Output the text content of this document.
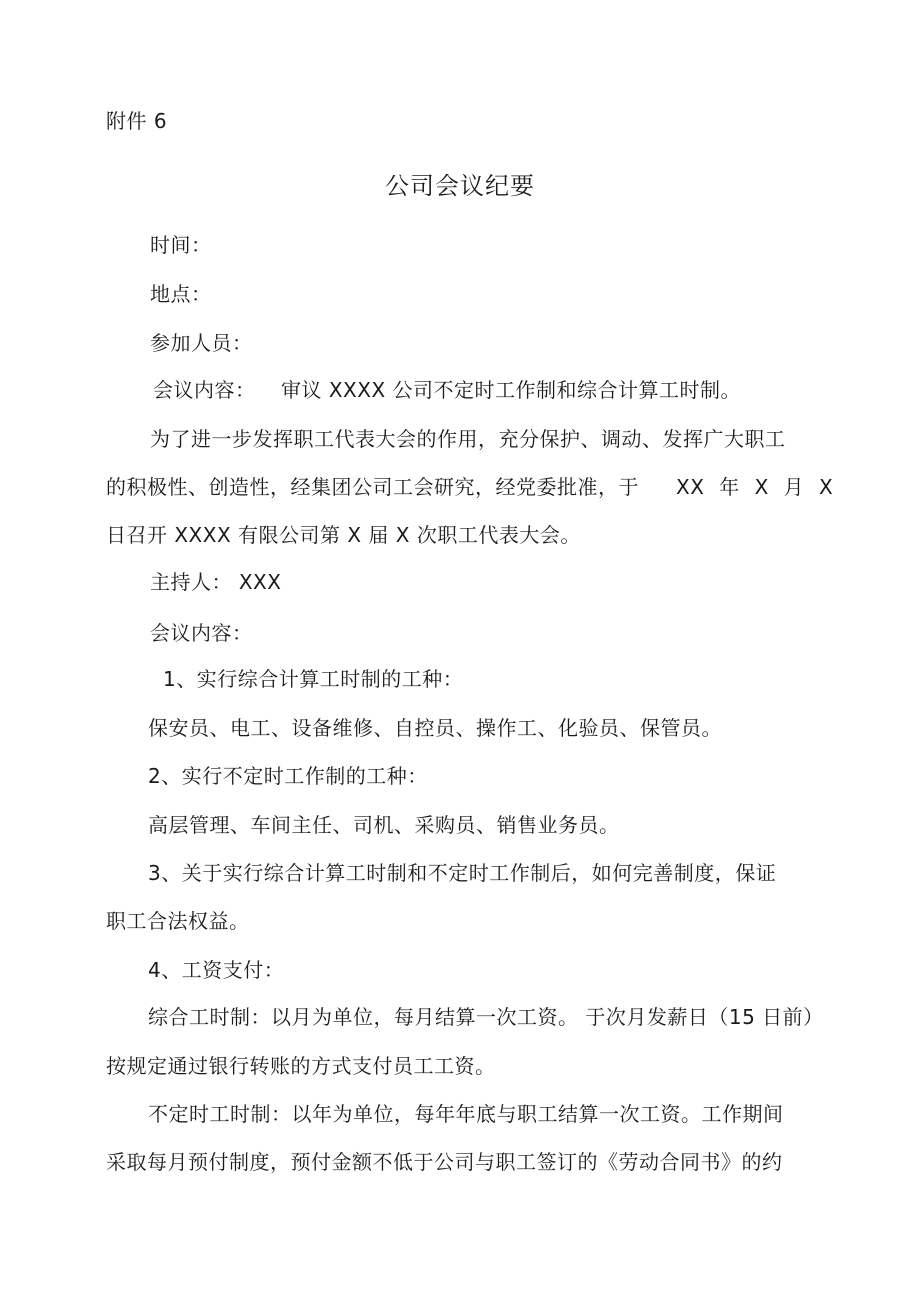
附件 6
公司会议纪要
时间：
地点：
参加人员：
会议内容： 审议 XXXX 公司不定时工作制和综合计算工时制。
为了进一步发挥职工代表大会的作用，充分保护、调动、发挥广大职工
的积极性、创造性，经集团公司工会研究，经党委批准，于 XX 年 X 月 X
日召开 XXXX 有限公司第 X 届 X 次职工代表大会。
主持人： XXX
会议内容：
1、实行综合计算工时制的工种：
保安员、电工、设备维修、自控员、操作工、化验员、保管员。
2、实行不定时工作制的工种：
高层管理、车间主任、司机、采购员、销售业务员。
3、关于实行综合计算工时制和不定时工作制后，如何完善制度，保证
职工合法权益。
4、工资支付：
综合工时制：以月为单位，每月结算一次工资。 于次月发薪日（15 日前）
按规定通过银行转账的方式支付员工工资。
不定时工时制：以年为单位，每年年底与职工结算一次工资。工作期间
采取每月预付制度，预付金额不低于公司与职工签订的《劳动合同书》的约
